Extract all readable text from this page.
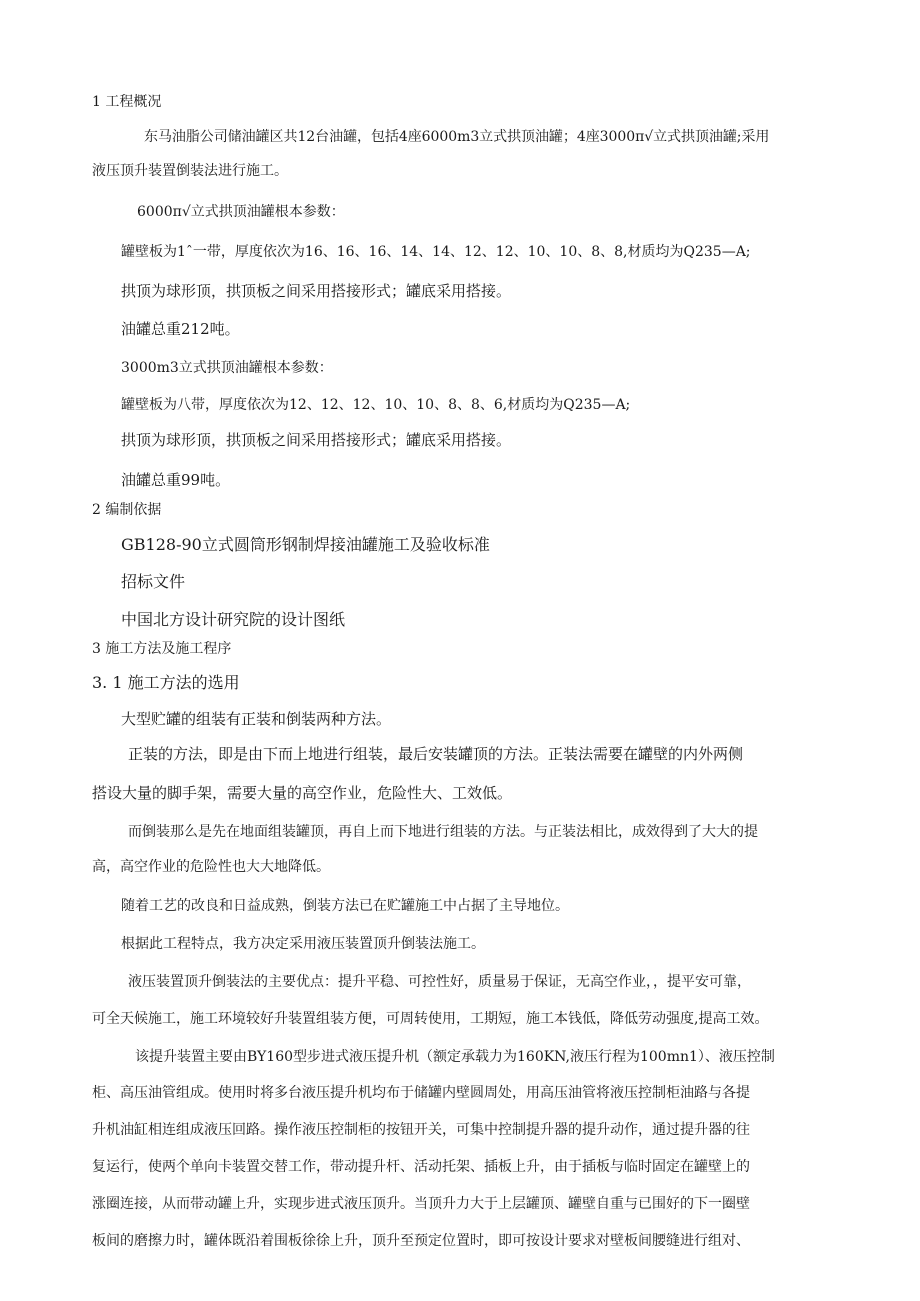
1 工程概况
东马油脂公司储油罐区共12台油罐，包括4座6000m3立式拱顶油罐；4座3000π√立式拱顶油罐;采用
液压顶升装置倒装法进行施工。
6000π√立式拱顶油罐根本参数：
罐壁板为1ˆ一带，厚度依次为16、16、16、14、14、12、12、10、10、8、8,材质均为Q235—A;
拱顶为球形顶，拱顶板之间采用搭接形式；罐底采用搭接。
油罐总重212吨。
3000m3立式拱顶油罐根本参数：
罐壁板为八带，厚度依次为12、12、12、10、10、8、8、6,材质均为Q235—A;
拱顶为球形顶，拱顶板之间采用搭接形式；罐底采用搭接。
油罐总重99吨。
2 编制依据
GB128-90立式圆筒形钢制焊接油罐施工及验收标准
招标文件
中国北方设计研究院的设计图纸
3 施工方法及施工程序
3. 1 施工方法的选用
大型贮罐的组装有正装和倒装两种方法。
正装的方法，即是由下而上地进行组装，最后安装罐顶的方法。正装法需要在罐壁的内外两侧
搭设大量的脚手架，需要大量的高空作业，危险性大、工效低。
而倒装那么是先在地面组装罐顶，再自上而下地进行组装的方法。与正装法相比，成效得到了大大的提
高，高空作业的危险性也大大地降低。
随着工艺的改良和日益成熟，倒装方法已在贮罐施工中占据了主导地位。
根据此工程特点，我方决定采用液压装置顶升倒装法施工。
液压装置顶升倒装法的主要优点：提升平稳、可控性好，质量易于保证，无高空作业，，提平安可靠，
可全天候施工，施工环境较好升装置组装方便，可周转使用，工期短，施工本钱低，降低劳动强度,提高工效。
该提升装置主要由BY160型步进式液压提升机（额定承载力为160KN,液压行程为100mn1）、液压控制
柜、高压油管组成。使用时将多台液压提升机均布于储罐内壁圆周处，用高压油管将液压控制柜油路与各提
升机油缸相连组成液压回路。操作液压控制柜的按钮开关，可集中控制提升器的提升动作，通过提升器的往
复运行，使两个单向卡装置交替工作，带动提升杆、活动托架、插板上升，由于插板与临时固定在罐壁上的
涨圈连接，从而带动罐上升，实现步进式液压顶升。当顶升力大于上层罐顶、罐壁自重与已围好的下一圈壁
板间的磨擦力时，罐体既沿着围板徐徐上升，顶升至预定位置时，即可按设计要求对壁板间腰缝进行组对、
